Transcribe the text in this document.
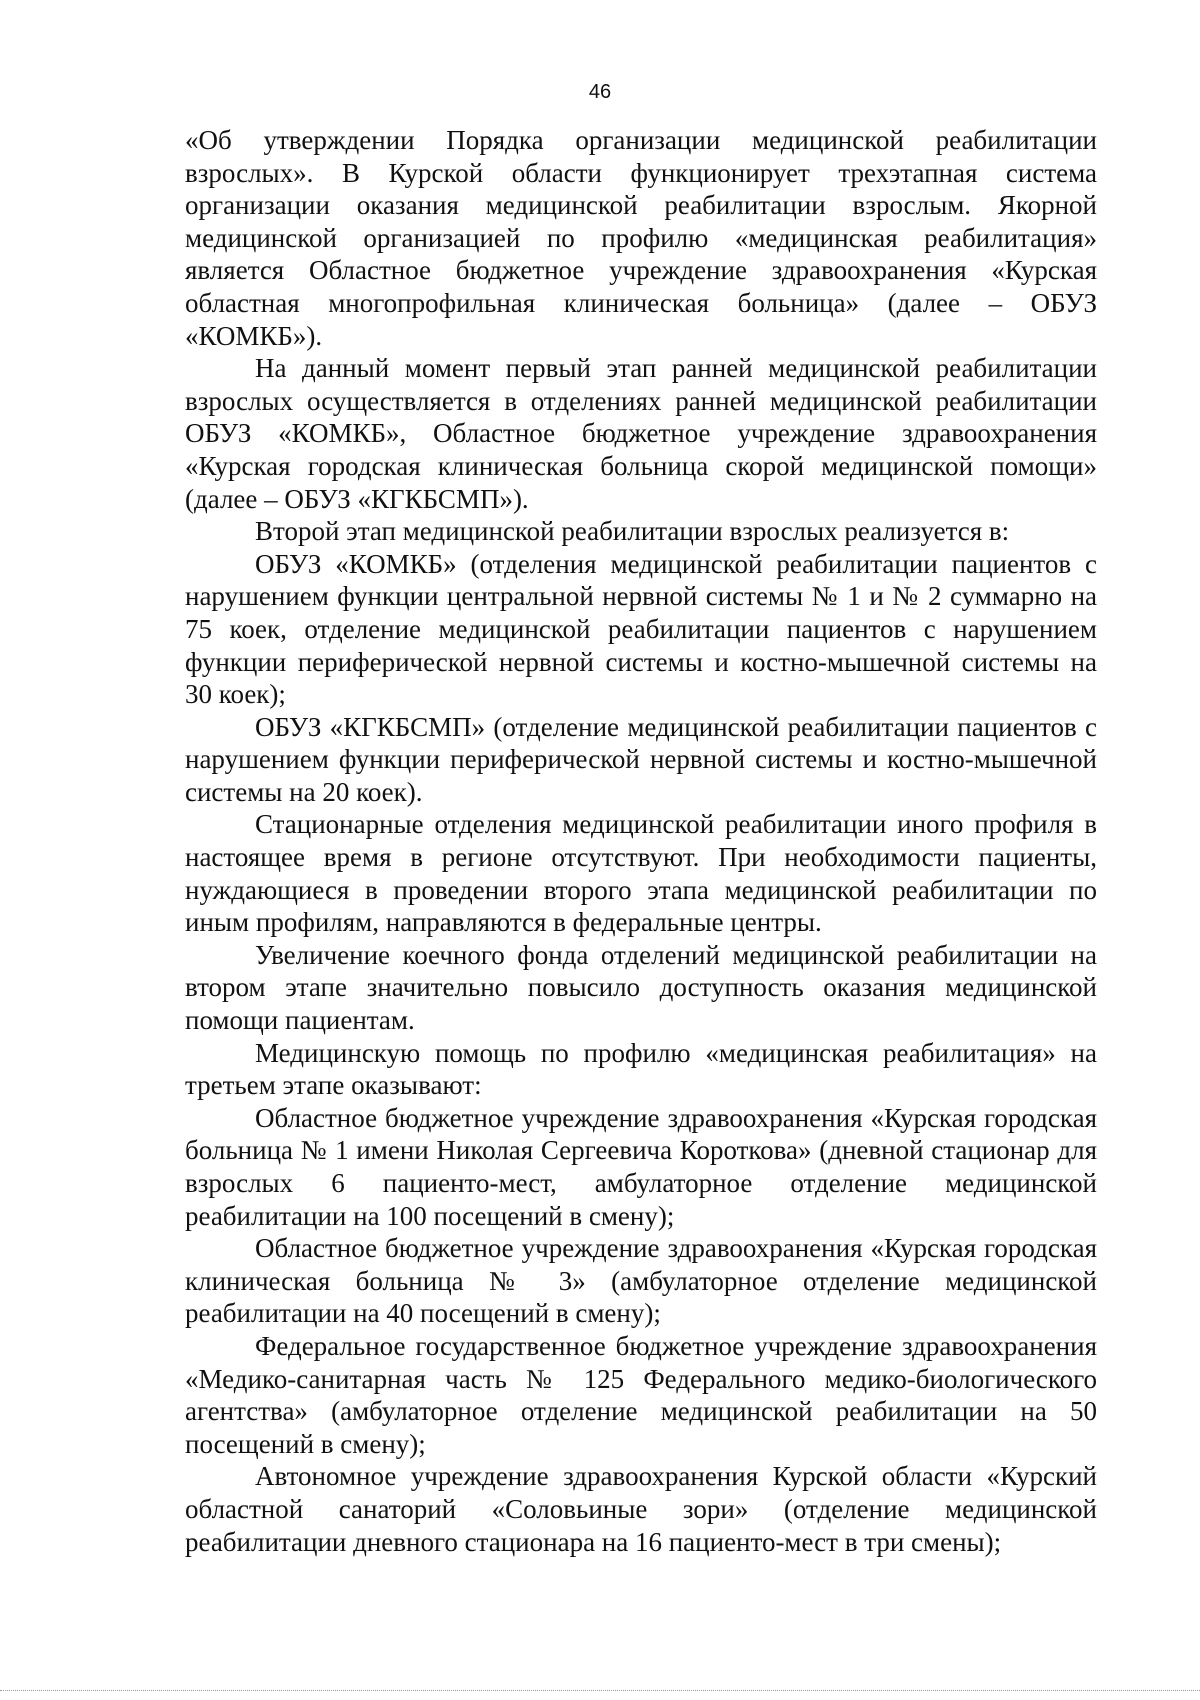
46

«Об утверждении Порядка организации медицинской реабилитации взрослых». В Курской области функционирует трехэтапная система организации оказания медицинской реабилитации взрослым. Якорной медицинской организацией по профилю «медицинская реабилитация» является Областное бюджетное учреждение здравоохранения «Курская областная многопрофильная клиническая больница» (далее – ОБУЗ «КОМКБ»).

На данный момент первый этап ранней медицинской реабилитации взрослых осуществляется в отделениях ранней медицинской реабилитации ОБУЗ «КОМКБ», Областное бюджетное учреждение здравоохранения «Курская городская клиническая больница скорой медицинской помощи» (далее – ОБУЗ «КГКБСМП»).

Второй этап медицинской реабилитации взрослых реализуется в:

ОБУЗ «КОМКБ» (отделения медицинской реабилитации пациентов с нарушением функции центральной нервной системы № 1 и № 2 суммарно на 75 коек, отделение медицинской реабилитации пациентов с нарушением функции периферической нервной системы и костно-мышечной системы на 30 коек);

ОБУЗ «КГКБСМП» (отделение медицинской реабилитации пациентов с нарушением функции периферической нервной системы и костно-мышечной системы на 20 коек).

Стационарные отделения медицинской реабилитации иного профиля в настоящее время в регионе отсутствуют. При необходимости пациенты, нуждающиеся в проведении второго этапа медицинской реабилитации по иным профилям, направляются в федеральные центры.

Увеличение коечного фонда отделений медицинской реабилитации на втором этапе значительно повысило доступность оказания медицинской помощи пациентам.

Медицинскую помощь по профилю «медицинская реабилитация» на третьем этапе оказывают:

Областное бюджетное учреждение здравоохранения «Курская городская больница № 1 имени Николая Сергеевича Короткова» (дневной стационар для взрослых 6 пациенто-мест, амбулаторное отделение медицинской реабилитации на 100 посещений в смену);

Областное бюджетное учреждение здравоохранения «Курская городская клиническая больница № 3» (амбулаторное отделение медицинской реабилитации на 40 посещений в смену);

Федеральное государственное бюджетное учреждение здравоохранения «Медико-санитарная часть № 125 Федерального медико-биологического агентства» (амбулаторное отделение медицинской реабилитации на 50 посещений в смену);

Автономное учреждение здравоохранения Курской области «Курский областной санаторий «Соловьиные зори» (отделение медицинской реабилитации дневного стационара на 16 пациенто-мест в три смены);
